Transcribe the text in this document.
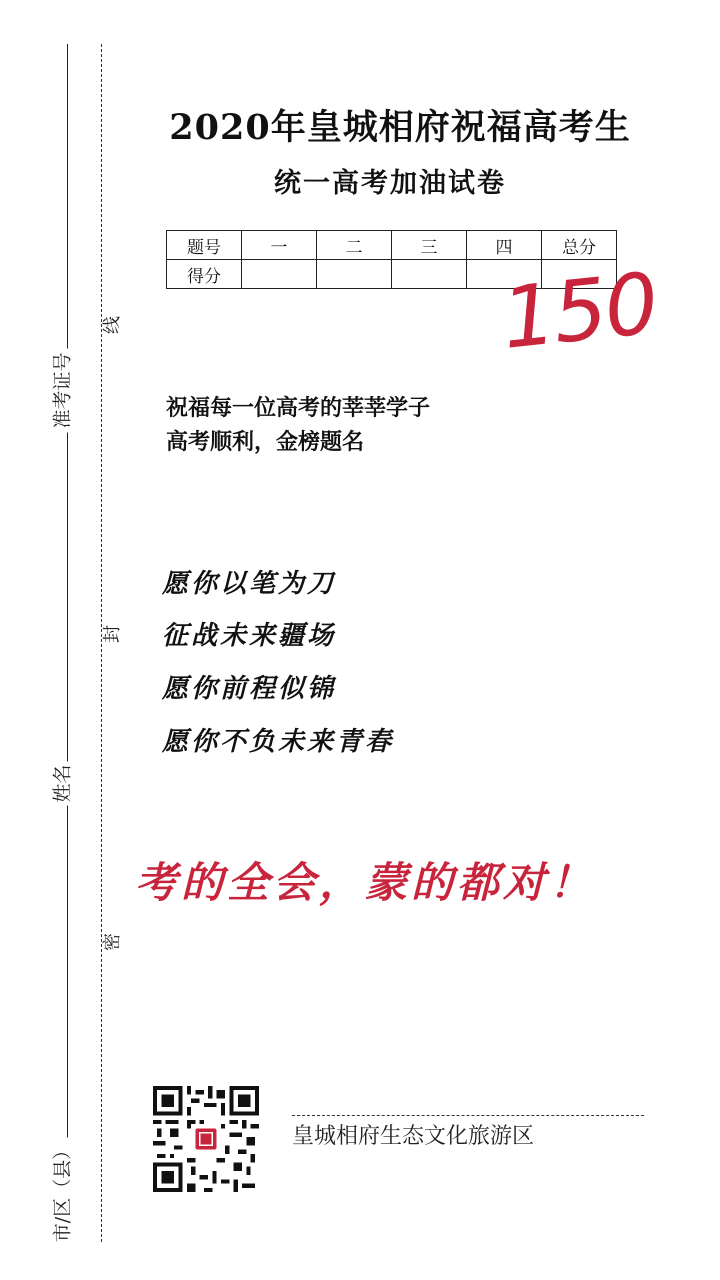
准考证号
姓名
市/区（县）
线
封
密
2020年皇城相府祝福高考生
统一高考加油试卷
题号	一	二	三	四	总分
得分						150
祝福每一位高考的莘莘学子
高考顺利，金榜题名
愿你以笔为刀
征战未来疆场
愿你前程似锦
愿你不负未来青春
考的全会，蒙的都对！
皇城相府生态文化旅游区
